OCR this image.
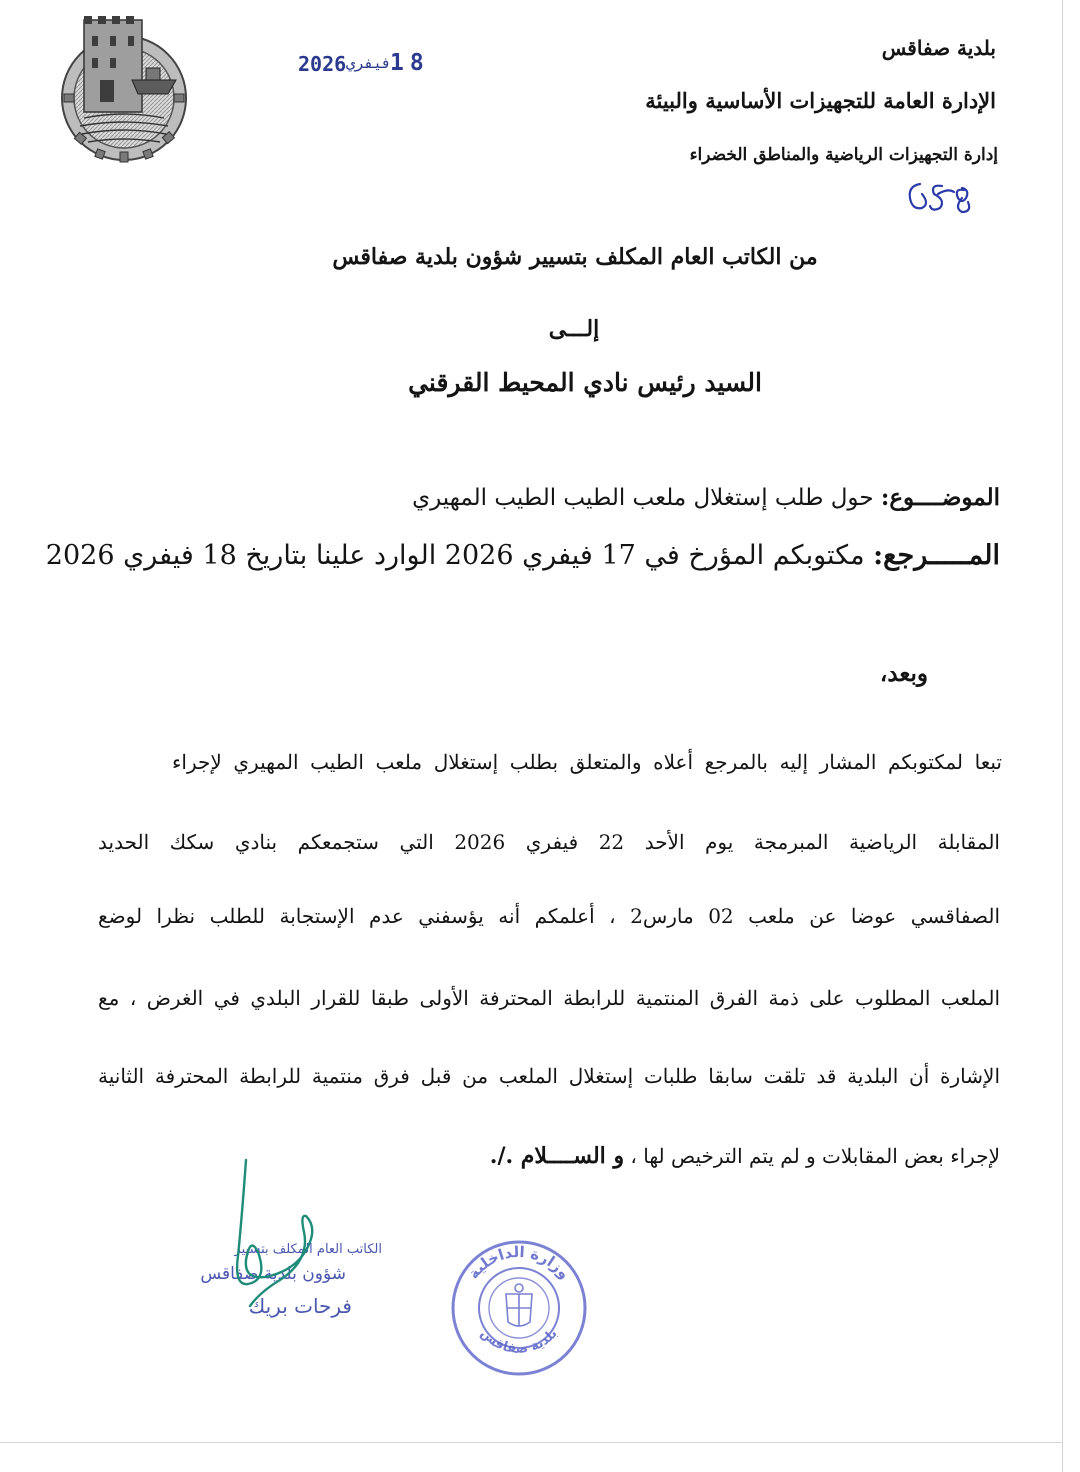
2026 فيفري
18
بلدية صفاقس
الإدارة العامة للتجهيزات الأساسية والبيئة
إدارة التجهيزات الرياضية والمناطق الخضراء
من الكاتب العام المكلف بتسيير شؤون بلدية صفاقس
إلـــى
السيد رئيس نادي المحيط القرقني
الموضــــوع: حول طلب إستغلال ملعب الطيب الطيب المهيري
المـــــرجع: مكتوبكم المؤرخ في 17 فيفري 2026 الوارد علينا بتاريخ 18 فيفري 2026
وبعد،
تبعا لمكتوبكم المشار إليه بالمرجع أعلاه والمتعلق بطلب إستغلال ملعب الطيب المهيري لإجراء
المقابلة الرياضية المبرمجة يوم الأحد 22 فيفري 2026 التي ستجمعكم بنادي سكك الحديد
الصفاقسي عوضا عن ملعب 02 مارس2 ، أعلمكم أنه يؤسفني عدم الإستجابة للطلب نظرا لوضع
الملعب المطلوب على ذمة الفرق المنتمية للرابطة المحترفة الأولى طبقا للقرار البلدي في الغرض ، مع
الإشارة أن البلدية قد تلقت سابقا طلبات إستغلال الملعب من قبل فرق منتمية للرابطة المحترفة الثانية
لإجراء بعض المقابلات و لم يتم الترخيص لها ، و الســــلام ./.
الكاتب العام المكلف بتسيير
شؤون بلدية صفاقس
فرحات بريك
وزارة الداخلية
بلدية صفاقس
